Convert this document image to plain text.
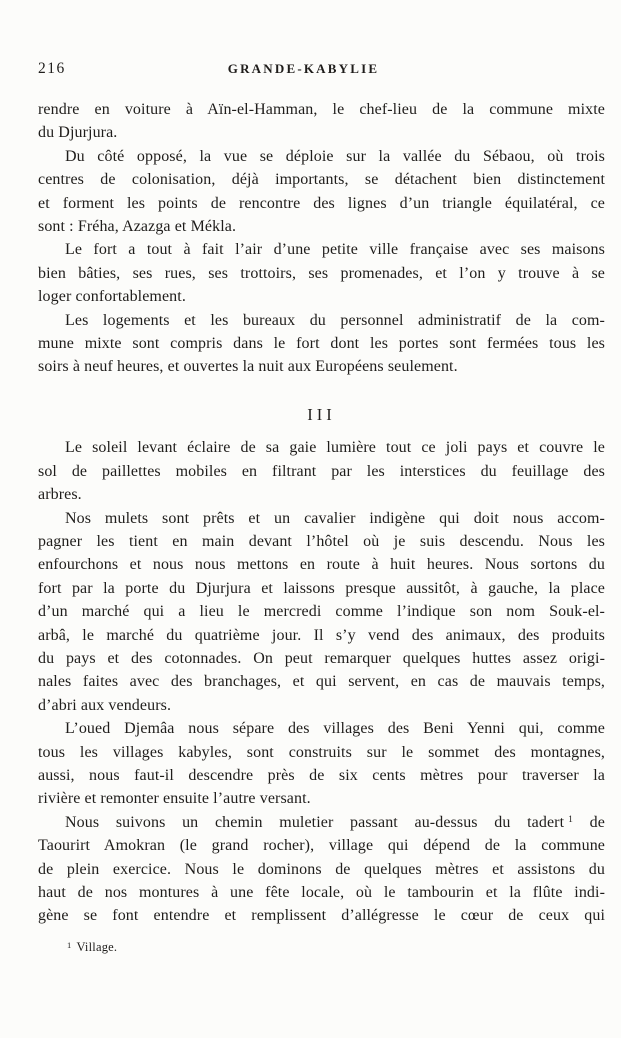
216	GRANDE-KABYLIE
rendre en voiture à Aïn-el-Hamman, le chef-lieu de la commune mixte
du Djurjura.
Du côté opposé, la vue se déploie sur la vallée du Sébaou, où trois
centres de colonisation, déjà importants, se détachent bien distinctement
et forment les points de rencontre des lignes d’un triangle équilatéral, ce
sont : Fréha, Azazga et Mékla.
Le fort a tout à fait l’air d’une petite ville française avec ses maisons
bien bâties, ses rues, ses trottoirs, ses promenades, et l’on y trouve à se
loger confortablement.
Les logements et les bureaux du personnel administratif de la com-
mune mixte sont compris dans le fort dont les portes sont fermées tous les
soirs à neuf heures, et ouvertes la nuit aux Européens seulement.
III
Le soleil levant éclaire de sa gaie lumière tout ce joli pays et couvre le
sol de paillettes mobiles en filtrant par les interstices du feuillage des
arbres.
Nos mulets sont prêts et un cavalier indigène qui doit nous accom-
pagner les tient en main devant l’hôtel où je suis descendu. Nous les
enfourchons et nous nous mettons en route à huit heures. Nous sortons du
fort par la porte du Djurjura et laissons presque aussitôt, à gauche, la place
d’un marché qui a lieu le mercredi comme l’indique son nom Souk-el-
arbâ, le marché du quatrième jour. Il s’y vend des animaux, des produits
du pays et des cotonnades. On peut remarquer quelques huttes assez origi-
nales faites avec des branchages, et qui servent, en cas de mauvais temps,
d’abri aux vendeurs.
L’oued Djemâa nous sépare des villages des Beni Yenni qui, comme
tous les villages kabyles, sont construits sur le sommet des montagnes,
aussi, nous faut-il descendre près de six cents mètres pour traverser la
rivière et remonter ensuite l’autre versant.
Nous suivons un chemin muletier passant au-dessus du tadert $^1$ de
Taourirt Amokran (le grand rocher), village qui dépend de la commune
de plein exercice. Nous le dominons de quelques mètres et assistons du
haut de nos montures à une fête locale, où le tambourin et la flûte indi-
gène se font entendre et remplissent d’allégresse le cœur de ceux qui
$^1$ Village.
